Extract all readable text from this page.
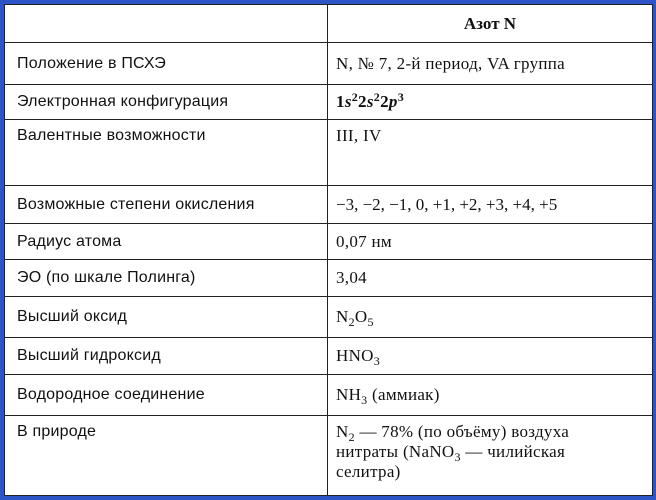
	Азот N
Положение в ПСХЭ	N, № 7, 2-й период, VA группа
Электронная конфигурация	$1s^22s^22p^3$
Валентные возможности	III, IV
Возможные степени окисления	−3, −2, −1, 0, +1, +2, +3, +4, +5
Радиус атома	0,07 нм
ЭО (по шкале Полинга)	3,04
Высший оксид	$N_2O_5$
Высший гидроксид	$HNO_3$
Водородное соединение	$NH_3$ (аммиак)
В природе	$N_2$ — 78% (по объёму) воздуха
нитраты (NaNO$_3$ — чилийская
селитра)
